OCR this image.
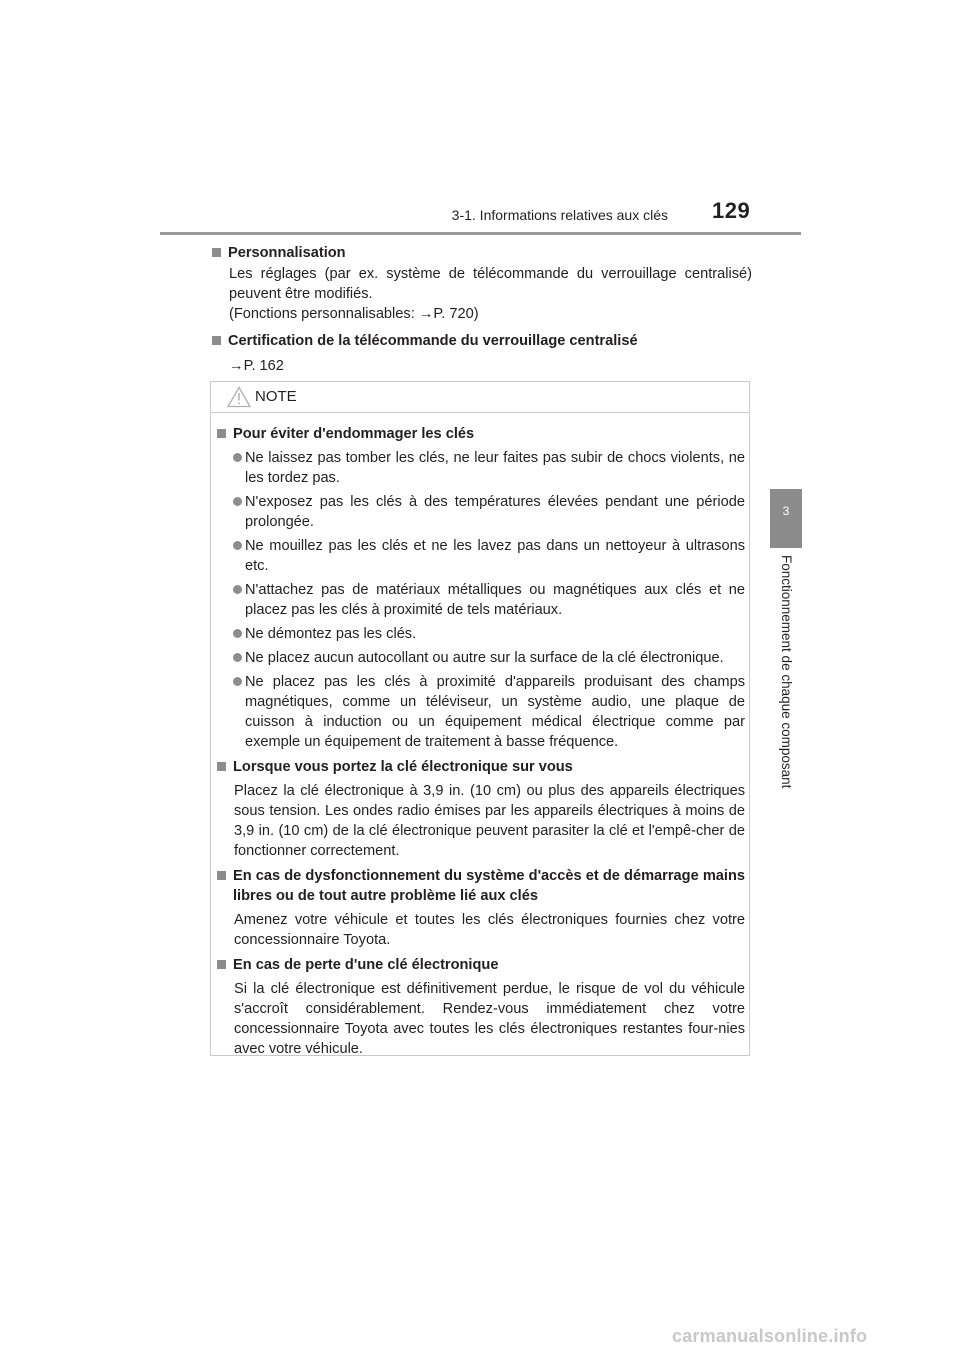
3-1. Informations relatives aux clés 129
3
Fonctionnement de chaque composant
Personnalisation
Les réglages (par ex. système de télécommande du verrouillage centralisé) peuvent être modifiés.
(Fonctions personnalisables: →P. 720)
Certification de la télécommande du verrouillage centralisé
→P. 162
NOTE
Pour éviter d'endommager les clés
Ne laissez pas tomber les clés, ne leur faites pas subir de chocs violents, ne les tordez pas.
N'exposez pas les clés à des températures élevées pendant une période prolongée.
Ne mouillez pas les clés et ne les lavez pas dans un nettoyeur à ultrasons etc.
N'attachez pas de matériaux métalliques ou magnétiques aux clés et ne placez pas les clés à proximité de tels matériaux.
Ne démontez pas les clés.
Ne placez aucun autocollant ou autre sur la surface de la clé électronique.
Ne placez pas les clés à proximité d'appareils produisant des champs magnétiques, comme un téléviseur, un système audio, une plaque de cuisson à induction ou un équipement médical électrique comme par exemple un équipement de traitement à basse fréquence.
Lorsque vous portez la clé électronique sur vous
Placez la clé électronique à 3,9 in. (10 cm) ou plus des appareils électriques sous tension. Les ondes radio émises par les appareils électriques à moins de 3,9 in. (10 cm) de la clé électronique peuvent parasiter la clé et l'empê-cher de fonctionner correctement.
En cas de dysfonctionnement du système d'accès et de démarrage mains libres ou de tout autre problème lié aux clés
Amenez votre véhicule et toutes les clés électroniques fournies chez votre concessionnaire Toyota.
En cas de perte d'une clé électronique
Si la clé électronique est définitivement perdue, le risque de vol du véhicule s'accroît considérablement. Rendez-vous immédiatement chez votre concessionnaire Toyota avec toutes les clés électroniques restantes four-nies avec votre véhicule.
carmanualsonline.info
